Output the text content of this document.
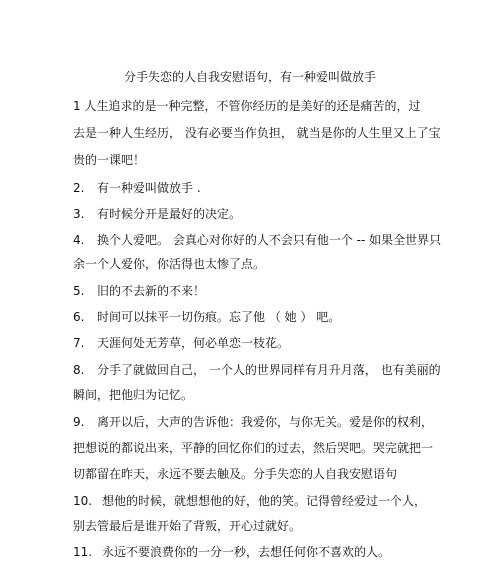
分手失恋的人自我安慰语句，有一种爱叫做放手
1 人生追求的是一种完整，不管你经历的是美好的还是痛苦的，过
去是一种人生经历， 没有必要当作负担， 就当是你的人生里又上了宝
贵的一课吧！
2. 有一种爱叫做放手 .
3. 有时候分开是最好的决定。
4. 换个人爱吧。 会真心对你好的人不会只有他一个 -- 如果全世界只
余一个人爱你，你活得也太惨了点。
5. 旧的不去新的不来！
6. 时间可以抹平一切伤痕。忘了他 （ 她 ） 吧。
7. 天涯何处无芳草，何必单恋一枝花。
8. 分手了就做回自己， 一个人的世界同样有月升月落， 也有美丽的
瞬间，把他归为记忆。
9. 离开以后，大声的告诉他：我爱你，与你无关。爱是你的权利，
把想说的都说出来，平静的回忆你们的过去，然后哭吧。哭完就把一
切都留在昨天，永远不要去触及。分手失恋的人自我安慰语句
10. 想他的时候，就想想他的好，他的笑。记得曾经爱过一个人，
别去管最后是谁开始了背叛，开心过就好。
11. 永远不要浪费你的一分一秒，去想任何你不喜欢的人。
